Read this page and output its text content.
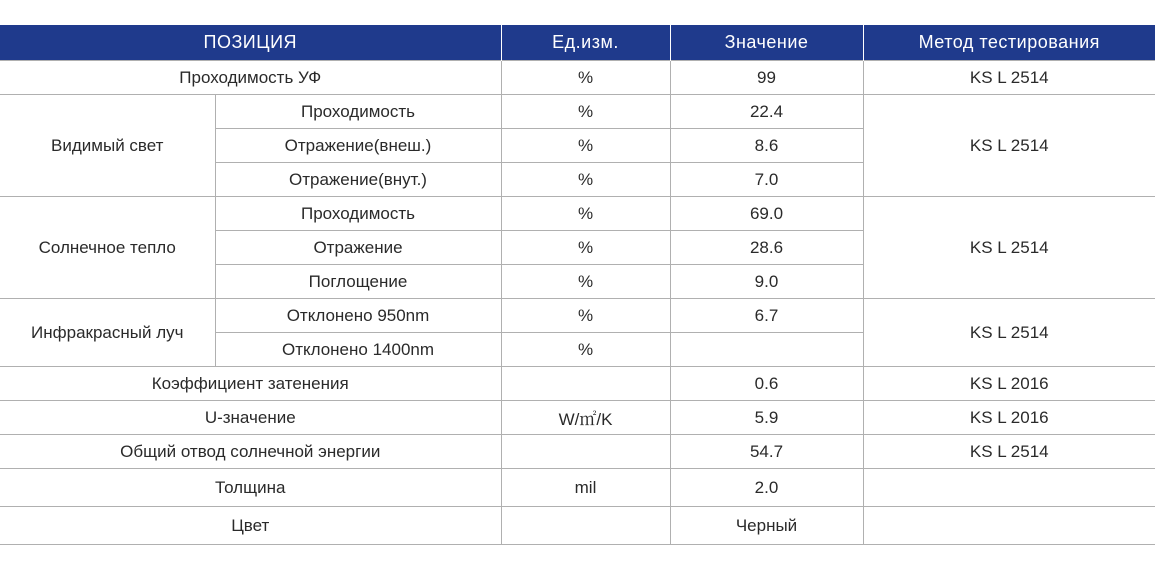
ПОЗИЦИЯ		Ед.изм.	Значение	Метод тестирования
Проходимость УФ		%	99	KS L 2514
Видимый свет	Проходимость	%	22.4	KS L 2514
	Отражение(внеш.)	%	8.6	
	Отражение(внут.)	%	7.0	
Солнечное тепло	Проходимость	%	69.0	KS L 2514
	Отражение	%	28.6	
	Поглощение	%	9.0	
Инфракрасный луч	Отклонено 950nm	%	6.7	KS L 2514
	Отклонено 1400nm	%		
Коэффициент затенения			0.6	KS L 2016
U-значение		W/㎡/K	5.9	KS L 2016
Общий отвод солнечной энергии			54.7	KS L 2514
Толщина		mil	2.0	
Цвет			Черный	
